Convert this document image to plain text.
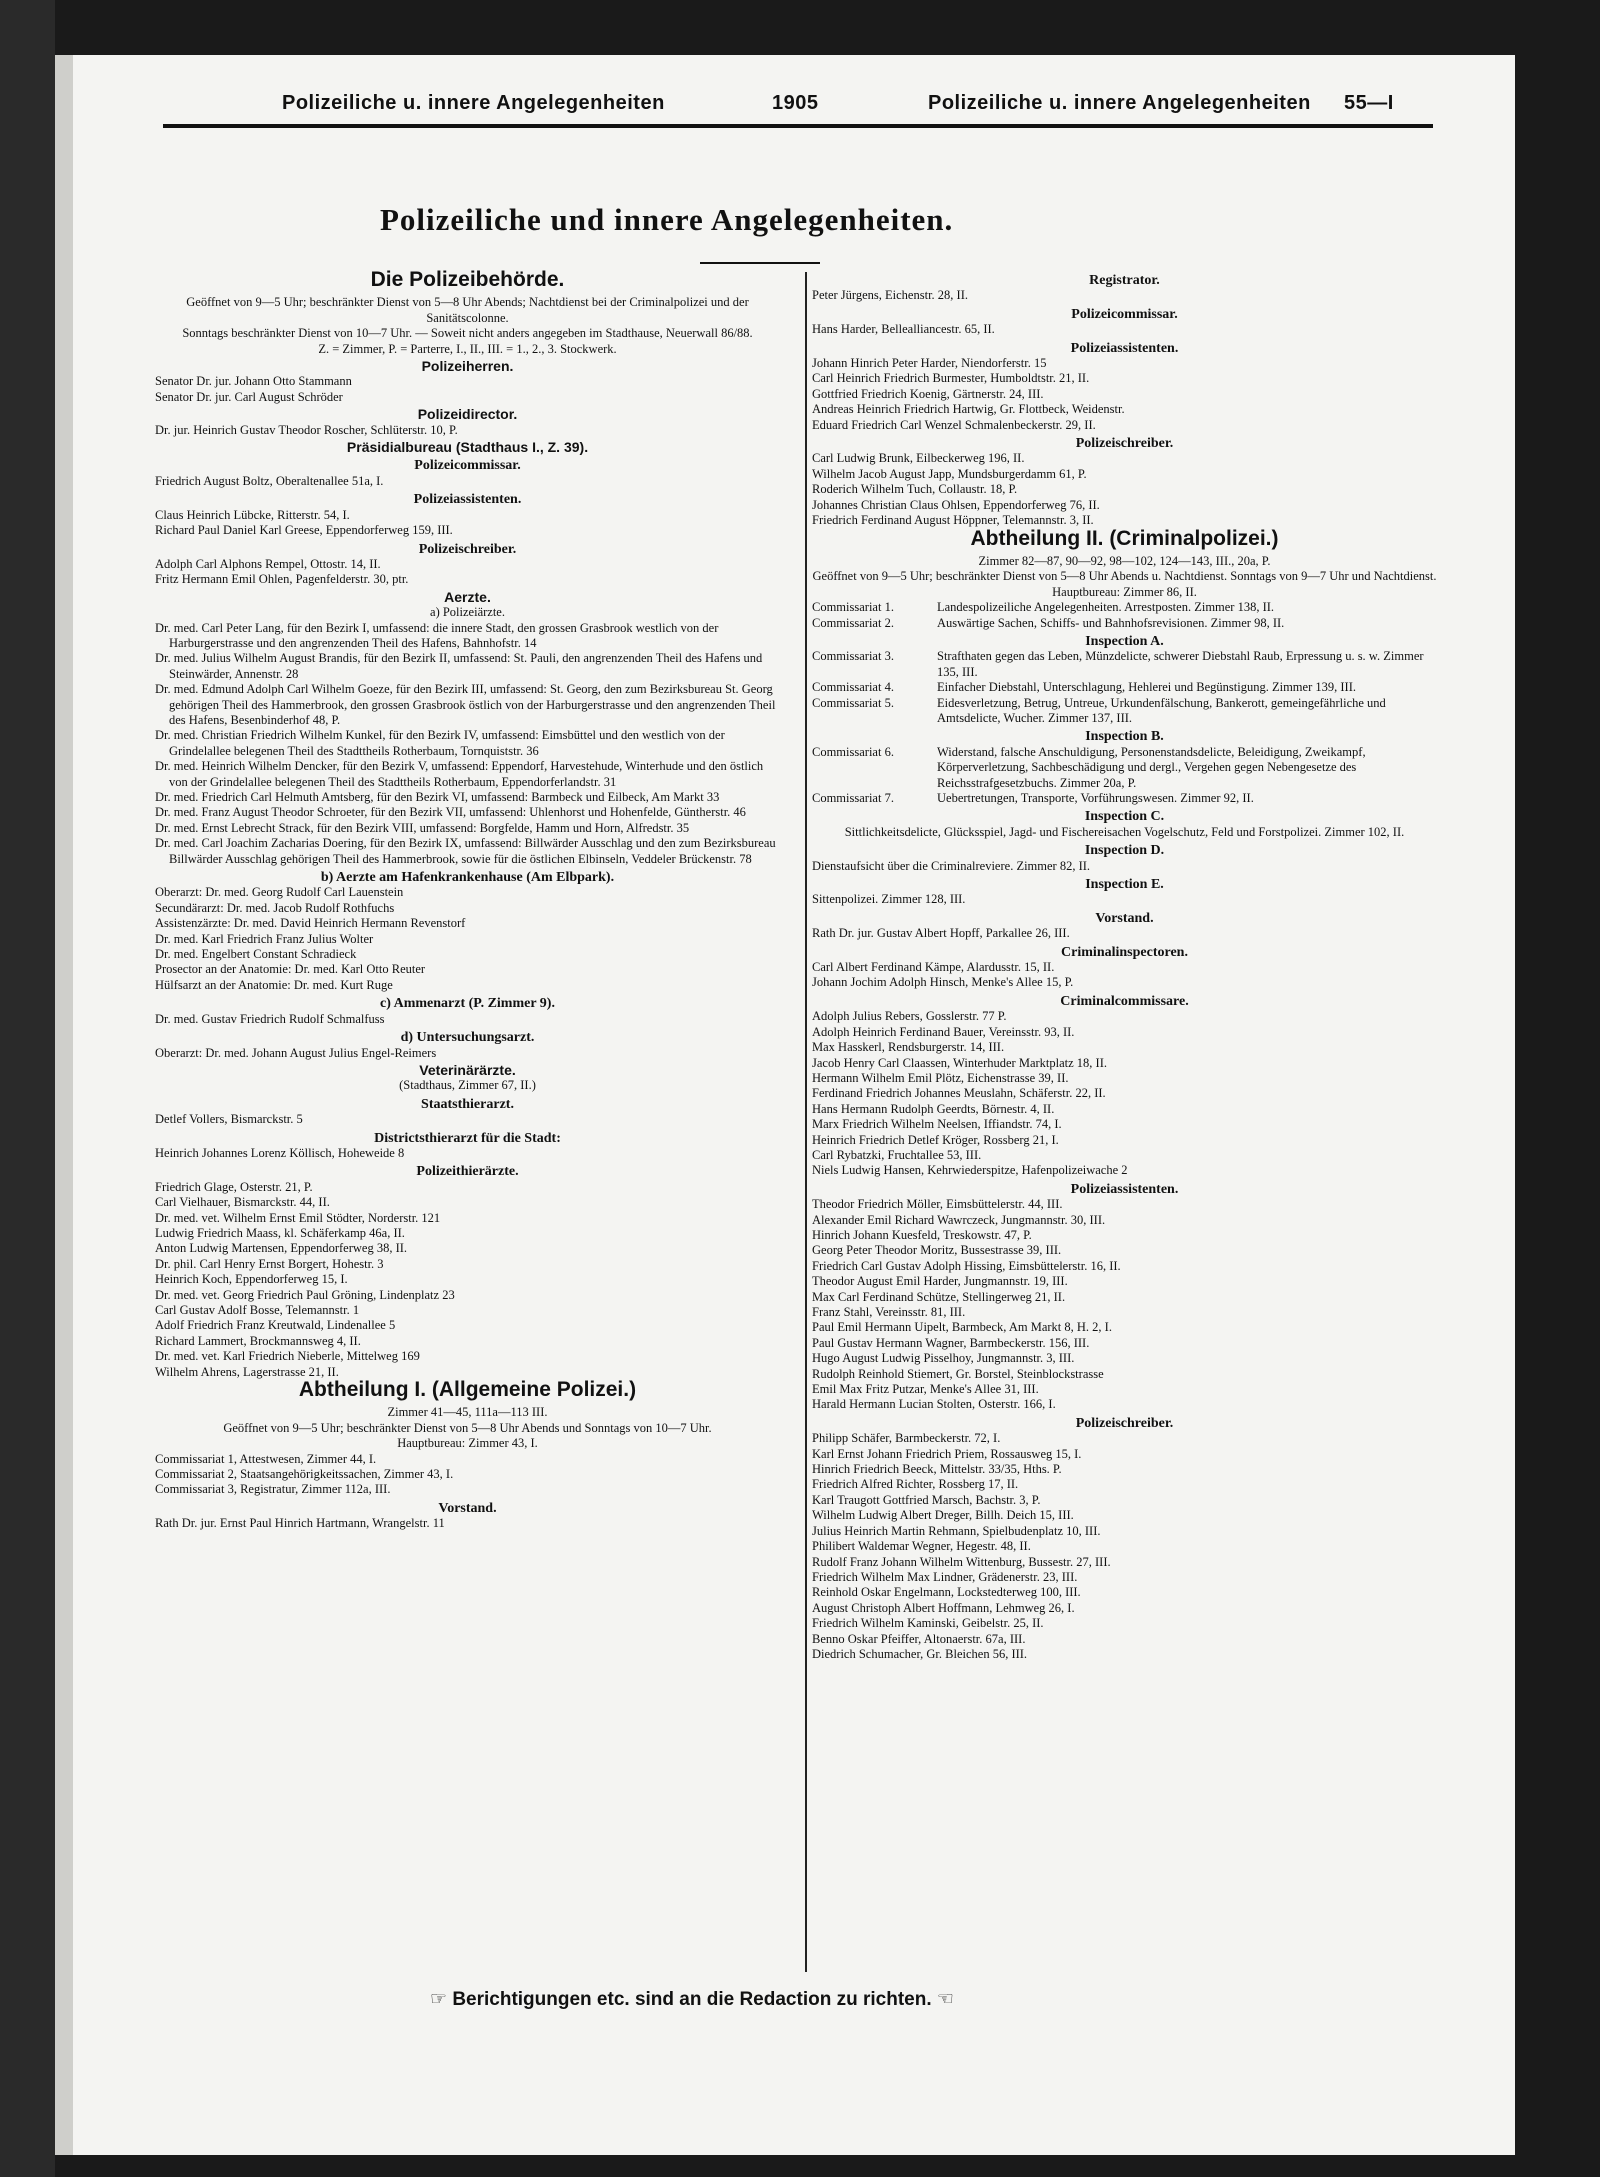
Polizeiliche u. innere Angelegenheiten	1905	Polizeiliche u. innere Angelegenheiten 55—I
Polizeiliche und innere Angelegenheiten.

Die Polizeibehörde.

Geöffnet von 9—5 Uhr; beschränkter Dienst von 5—8 Uhr Abends; Nachtdienst bei der Criminalpolizei und der Sanitätscolonne.

Sonntags beschränkter Dienst von 10—7 Uhr. — Soweit nicht anders angegeben im Stadthause, Neuerwall 86/88.

Z. = Zimmer, P. = Parterre, I., II., III. = 1., 2., 3. Stockwerk.

Polizeiherren.

Senator Dr. jur. Johann Otto Stammann

Senator Dr. jur. Carl August Schröder

Polizeidirector.

Dr. jur. Heinrich Gustav Theodor Roscher, Schlüterstr. 10, P.

Präsidialbureau (Stadthaus I., Z. 39).

Polizeicommissar.

Friedrich August Boltz, Oberaltenallee 51a, I.

Polizeiassistenten.

Claus Heinrich Lübcke, Ritterstr. 54, I.

Richard Paul Daniel Karl Greese, Eppendorferweg 159, III.

Polizeischreiber.

Adolph Carl Alphons Rempel, Ottostr. 14, II.

Fritz Hermann Emil Ohlen, Pagenfelderstr. 30, ptr.

Aerzte.

a) Polizeiärzte.

Dr. med. Carl Peter Lang, für den Bezirk I, umfassend: die innere Stadt, den grossen Grasbrook westlich von der Harburgerstrasse und den angrenzenden Theil des Hafens, Bahnhofstr. 14

Dr. med. Julius Wilhelm August Brandis, für den Bezirk II, umfassend: St. Pauli, den angrenzenden Theil des Hafens und Steinwärder, Annenstr. 28

Dr. med. Edmund Adolph Carl Wilhelm Goeze, für den Bezirk III, umfassend: St. Georg, den zum Bezirksbureau St. Georg gehörigen Theil des Hammerbrook, den grossen Grasbrook östlich von der Harburgerstrasse und den angrenzenden Theil des Hafens, Besenbinderhof 48, P.

Dr. med. Christian Friedrich Wilhelm Kunkel, für den Bezirk IV, umfassend: Eimsbüttel und den westlich von der Grindelallee belegenen Theil des Stadttheils Rotherbaum, Tornquiststr. 36

Dr. med. Heinrich Wilhelm Dencker, für den Bezirk V, umfassend: Eppendorf, Harvestehude, Winterhude und den östlich von der Grindelallee belegenen Theil des Stadttheils Rotherbaum, Eppendorferlandstr. 31

Dr. med. Friedrich Carl Helmuth Amtsberg, für den Bezirk VI, umfassend: Barmbeck und Eilbeck, Am Markt 33

Dr. med. Franz August Theodor Schroeter, für den Bezirk VII, umfassend: Uhlenhorst und Hohenfelde, Güntherstr. 46

Dr. med. Ernst Lebrecht Strack, für den Bezirk VIII, umfassend: Borgfelde, Hamm und Horn, Alfredstr. 35

Dr. med. Carl Joachim Zacharias Doering, für den Bezirk IX, umfassend: Billwärder Ausschlag und den zum Bezirksbureau Billwärder Ausschlag gehörigen Theil des Hammerbrook, sowie für die östlichen Elbinseln, Veddeler Brückenstr. 78

b) Aerzte am Hafenkrankenhause (Am Elbpark).

Oberarzt: Dr. med. Georg Rudolf Carl Lauenstein

Secundärarzt: Dr. med. Jacob Rudolf Rothfuchs

Assistenzärzte: Dr. med. David Heinrich Hermann Revenstorf

Dr. med. Karl Friedrich Franz Julius Wolter

Dr. med. Engelbert Constant Schradieck

Prosector an der Anatomie: Dr. med. Karl Otto Reuter

Hülfsarzt an der Anatomie: Dr. med. Kurt Ruge

c) Ammenarzt (P. Zimmer 9).

Dr. med. Gustav Friedrich Rudolf Schmalfuss

d) Untersuchungsarzt.

Oberarzt: Dr. med. Johann August Julius Engel-Reimers

Veterinärärzte.

(Stadthaus, Zimmer 67, II.)

Staatsthierarzt.

Detlef Vollers, Bismarckstr. 5

Districtsthierarzt für die Stadt:

Heinrich Johannes Lorenz Köllisch, Hoheweide 8

Polizeithierärzte.

Friedrich Glage, Osterstr. 21, P.

Carl Vielhauer, Bismarckstr. 44, II.

Dr. med. vet. Wilhelm Ernst Emil Stödter, Norderstr. 121

Ludwig Friedrich Maass, kl. Schäferkamp 46a, II.

Anton Ludwig Martensen, Eppendorferweg 38, II.

Dr. phil. Carl Henry Ernst Borgert, Hohestr. 3

Heinrich Koch, Eppendorferweg 15, I.

Dr. med. vet. Georg Friedrich Paul Gröning, Lindenplatz 23

Carl Gustav Adolf Bosse, Telemannstr. 1

Adolf Friedrich Franz Kreutwald, Lindenallee 5

Richard Lammert, Brockmannsweg 4, II.

Dr. med. vet. Karl Friedrich Nieberle, Mittelweg 169

Wilhelm Ahrens, Lagerstrasse 21, II.

Abtheilung I. (Allgemeine Polizei.)

Zimmer 41—45, 111a—113 III.

Geöffnet von 9—5 Uhr; beschränkter Dienst von 5—8 Uhr Abends und Sonntags von 10—7 Uhr.

Hauptbureau: Zimmer 43, I.

Commissariat 1, Attestwesen, Zimmer 44, I.

Commissariat 2, Staatsangehörigkeitssachen, Zimmer 43, I.

Commissariat 3, Registratur, Zimmer 112a, III.

Vorstand.

Rath Dr. jur. Ernst Paul Hinrich Hartmann, Wrangelstr. 11

Registrator.

Peter Jürgens, Eichenstr. 28, II.

Polizeicommissar.

Hans Harder, Bellealliancestr. 65, II.

Polizeiassistenten.

Johann Hinrich Peter Harder, Niendorferstr. 15

Carl Heinrich Friedrich Burmester, Humboldtstr. 21, II.

Gottfried Friedrich Koenig, Gärtnerstr. 24, III.

Andreas Heinrich Friedrich Hartwig, Gr. Flottbeck, Weidenstr.

Eduard Friedrich Carl Wenzel Schmalenbeckerstr. 29, II.

Polizeischreiber.

Carl Ludwig Brunk, Eilbeckerweg 196, II.

Wilhelm Jacob August Japp, Mundsburgerdamm 61, P.

Roderich Wilhelm Tuch, Collaustr. 18, P.

Johannes Christian Claus Ohlsen, Eppendorferweg 76, II.

Friedrich Ferdinand August Höppner, Telemannstr. 3, II.

Abtheilung II. (Criminalpolizei.)

Zimmer 82—87, 90—92, 98—102, 124—143, III., 20a, P.

Geöffnet von 9—5 Uhr; beschränkter Dienst von 5—8 Uhr Abends u. Nachtdienst. Sonntags von 9—7 Uhr und Nachtdienst.

Hauptbureau: Zimmer 86, II.

Commissariat 1.	Landespolizeiliche Angelegenheiten. Arrestposten. Zimmer 138, II.

Commissariat 2.	Auswärtige Sachen, Schiffs- und Bahnhofsrevisionen. Zimmer 98, II.

Inspection A.

Commissariat 3.	Strafthaten gegen das Leben, Münzdelicte, schwerer Diebstahl Raub, Erpressung u. s. w. Zimmer 135, III.

Commissariat 4.	Einfacher Diebstahl, Unterschlagung, Hehlerei und Begünstigung. Zimmer 139, III.

Commissariat 5.	Eidesverletzung, Betrug, Untreue, Urkundenfälschung, Bankerott, gemeingefährliche und Amtsdelicte, Wucher. Zimmer 137, III.

Inspection B.

Commissariat 6.	Widerstand, falsche Anschuldigung, Personenstandsdelicte, Beleidigung, Zweikampf, Körperverletzung, Sachbeschädigung und dergl., Vergehen gegen Nebengesetze des Reichsstrafgesetzbuchs. Zimmer 20a, P.

Commissariat 7.	Uebertretungen, Transporte, Vorführungswesen. Zimmer 92, II.

Inspection C.

Sittlichkeitsdelicte, Glücksspiel, Jagd- und Fischereisachen Vogelschutz, Feld und Forstpolizei. Zimmer 102, II.

Inspection D.

Dienstaufsicht über die Criminalreviere. Zimmer 82, II.

Inspection E.

Sittenpolizei. Zimmer 128, III.

Vorstand.

Rath Dr. jur. Gustav Albert Hopff, Parkallee 26, III.

Criminalinspectoren.

Carl Albert Ferdinand Kämpe, Alardusstr. 15, II.

Johann Jochim Adolph Hinsch, Menke's Allee 15, P.

Criminalcommissare.

Adolph Julius Rebers, Gosslerstr. 77 P.

Adolph Heinrich Ferdinand Bauer, Vereinsstr. 93, II.

Max Hasskerl, Rendsburgerstr. 14, III.

Jacob Henry Carl Claassen, Winterhuder Marktplatz 18, II.

Hermann Wilhelm Emil Plötz, Eichenstrasse 39, II.

Ferdinand Friedrich Johannes Meuslahn, Schäferstr. 22, II.

Hans Hermann Rudolph Geerdts, Börnestr. 4, II.

Marx Friedrich Wilhelm Neelsen, Iffiandstr. 74, I.

Heinrich Friedrich Detlef Kröger, Rossberg 21, I.

Carl Rybatzki, Fruchtallee 53, III.

Niels Ludwig Hansen, Kehrwiederspitze, Hafenpolizeiwache 2

Polizeiassistenten.

Theodor Friedrich Möller, Eimsbüttelerstr. 44, III.

Alexander Emil Richard Wawrczeck, Jungmannstr. 30, III.

Hinrich Johann Kuesfeld, Treskowstr. 47, P.

Georg Peter Theodor Moritz, Bussestrasse 39, III.

Friedrich Carl Gustav Adolph Hissing, Eimsbüttelerstr. 16, II.

Theodor August Emil Harder, Jungmannstr. 19, III.

Max Carl Ferdinand Schütze, Stellingerweg 21, II.

Franz Stahl, Vereinsstr. 81, III.

Paul Emil Hermann Uipelt, Barmbeck, Am Markt 8, H. 2, I.

Paul Gustav Hermann Wagner, Barmbeckerstr. 156, III.

Hugo August Ludwig Pisselhoy, Jungmannstr. 3, III.

Rudolph Reinhold Stiemert, Gr. Borstel, Steinblockstrasse

Emil Max Fritz Putzar, Menke's Allee 31, III.

Harald Hermann Lucian Stolten, Osterstr. 166, I.

Polizeischreiber.

Philipp Schäfer, Barmbeckerstr. 72, I.

Karl Ernst Johann Friedrich Priem, Rossausweg 15, I.

Hinrich Friedrich Beeck, Mittelstr. 33/35, Hths. P.

Friedrich Alfred Richter, Rossberg 17, II.

Karl Traugott Gottfried Marsch, Bachstr. 3, P.

Wilhelm Ludwig Albert Dreger, Billh. Deich 15, III.

Julius Heinrich Martin Rehmann, Spielbudenplatz 10, III.

Philibert Waldemar Wegner, Hegestr. 48, II.

Rudolf Franz Johann Wilhelm Wittenburg, Bussestr. 27, III.

Friedrich Wilhelm Max Lindner, Grädenerstr. 23, III.

Reinhold Oskar Engelmann, Lockstedterweg 100, III.

August Christoph Albert Hoffmann, Lehmweg 26, I.

Friedrich Wilhelm Kaminski, Geibelstr. 25, II.

Benno Oskar Pfeiffer, Altonaerstr. 67a, III.

Diedrich Schumacher, Gr. Bleichen 56, III.

☞ Berichtigungen etc. sind an die Redaction zu richten. ☜
